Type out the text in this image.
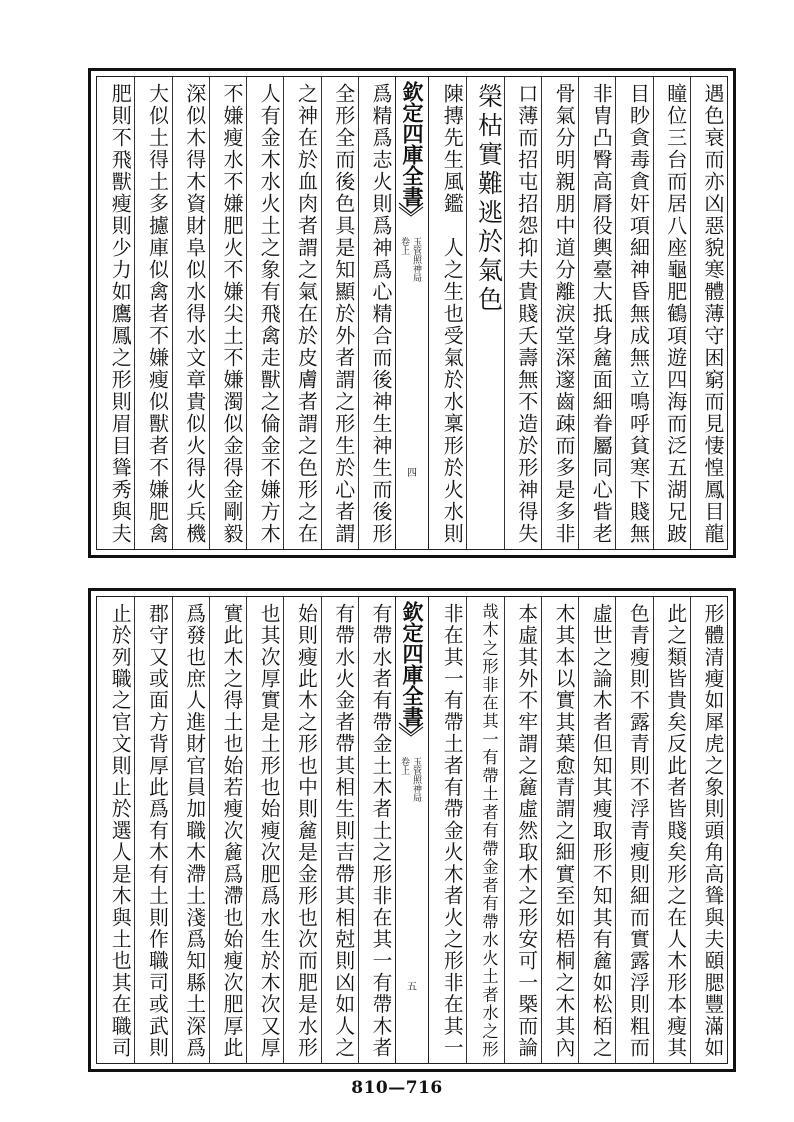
遇色衰而亦凶惡貌寒體薄守困窮而見悽惶鳳目龍
瞳位三台而居八座龜肥鶴項遊四海而泛五湖兄跛
目眇貪毒貪奸項細神昏無成無立鳴呼貧寒下賤無
非胄凸臀高脣役輿臺大抵身麄面細眷屬同心眥老
骨氣分明親朋中道分離淚堂深邃齒疎而多是多非
口薄而招屯招怨抑夫貴賤夭壽無不造於形神得失
榮枯實難逃於氣色
陳摶先生風鑑　人之生也受氣於水稟形於火水則
欽定四庫全書
玉管照神局
卷上
四
爲精爲志火則爲神爲心精合而後神生神生而後形
全形全而後色具是知顯於外者謂之形生於心者謂
之神在於血肉者謂之氣在於皮膚者謂之色形之在
人有金木水火土之象有飛禽走獸之倫金不嫌方木
不嫌瘦水不嫌肥火不嫌尖土不嫌濁似金得金剛毅
深似木得木資財阜似水得水文章貴似火得火兵機
大似土得土多攄庫似禽者不嫌瘦似獸者不嫌肥禽
肥則不飛獸瘦則少力如鷹鳳之形則眉目聳秀與夫
形體清瘦如犀虎之象則頭角高聳與夫頤腮豐滿如
此之類皆貴矣反此者皆賤矣形之在人木形本瘦其
色青瘦則不露青則不浮青瘦則細而實露浮則粗而
虛世之論木者但知其瘦取形不知其有麄如松栢之
木其本以實其葉愈青謂之細實至如梧桐之木其內
本虛其外不牢謂之麄虛然取木之形安可一槩而論
哉木之形非在其一有帶土者有帶金者有帶水火土者水之形
非在其一有帶土者有帶金火木者火之形非在其一
欽定四庫全書
玉管照神局
卷上
五
有帶水者有帶金土木者土之形非在其一有帶木者
有帶水火金者帶其相生則吉帶其相尅則凶如人之
始則瘦此木之形也中則麄是金形也次而肥是水形
也其次厚實是土形也始瘦次肥爲水生於木次又厚
實此木之得土也始若瘦次麄爲滯也始瘦次肥厚此
爲發也庶人進財官員加職木滯土淺爲知縣土深爲
郡守又或面方背厚此爲有木有土則作職司或武則
止於列職之官文則止於選人是木與土也其在職司
810—716
